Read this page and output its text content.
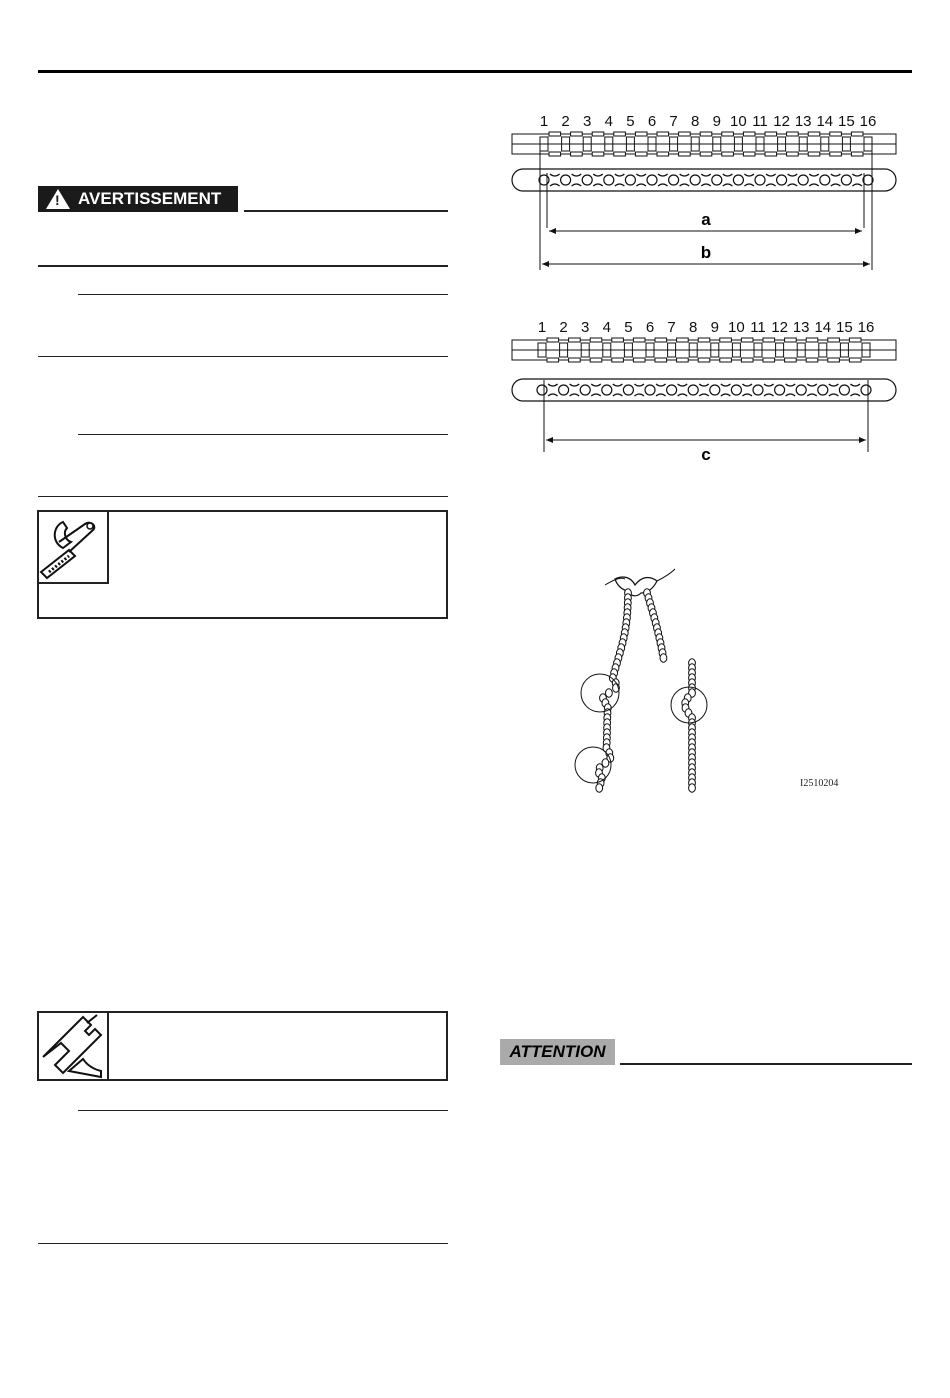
!
AVERTISSEMENT
1 2 3 4 5 6 7 8 9 10 11 12 13 14 15 16
a
b
1 2 3 4 5 6 7 8 9 10 11 12 13 14 15 16
c
I2510204
ATTENTION
